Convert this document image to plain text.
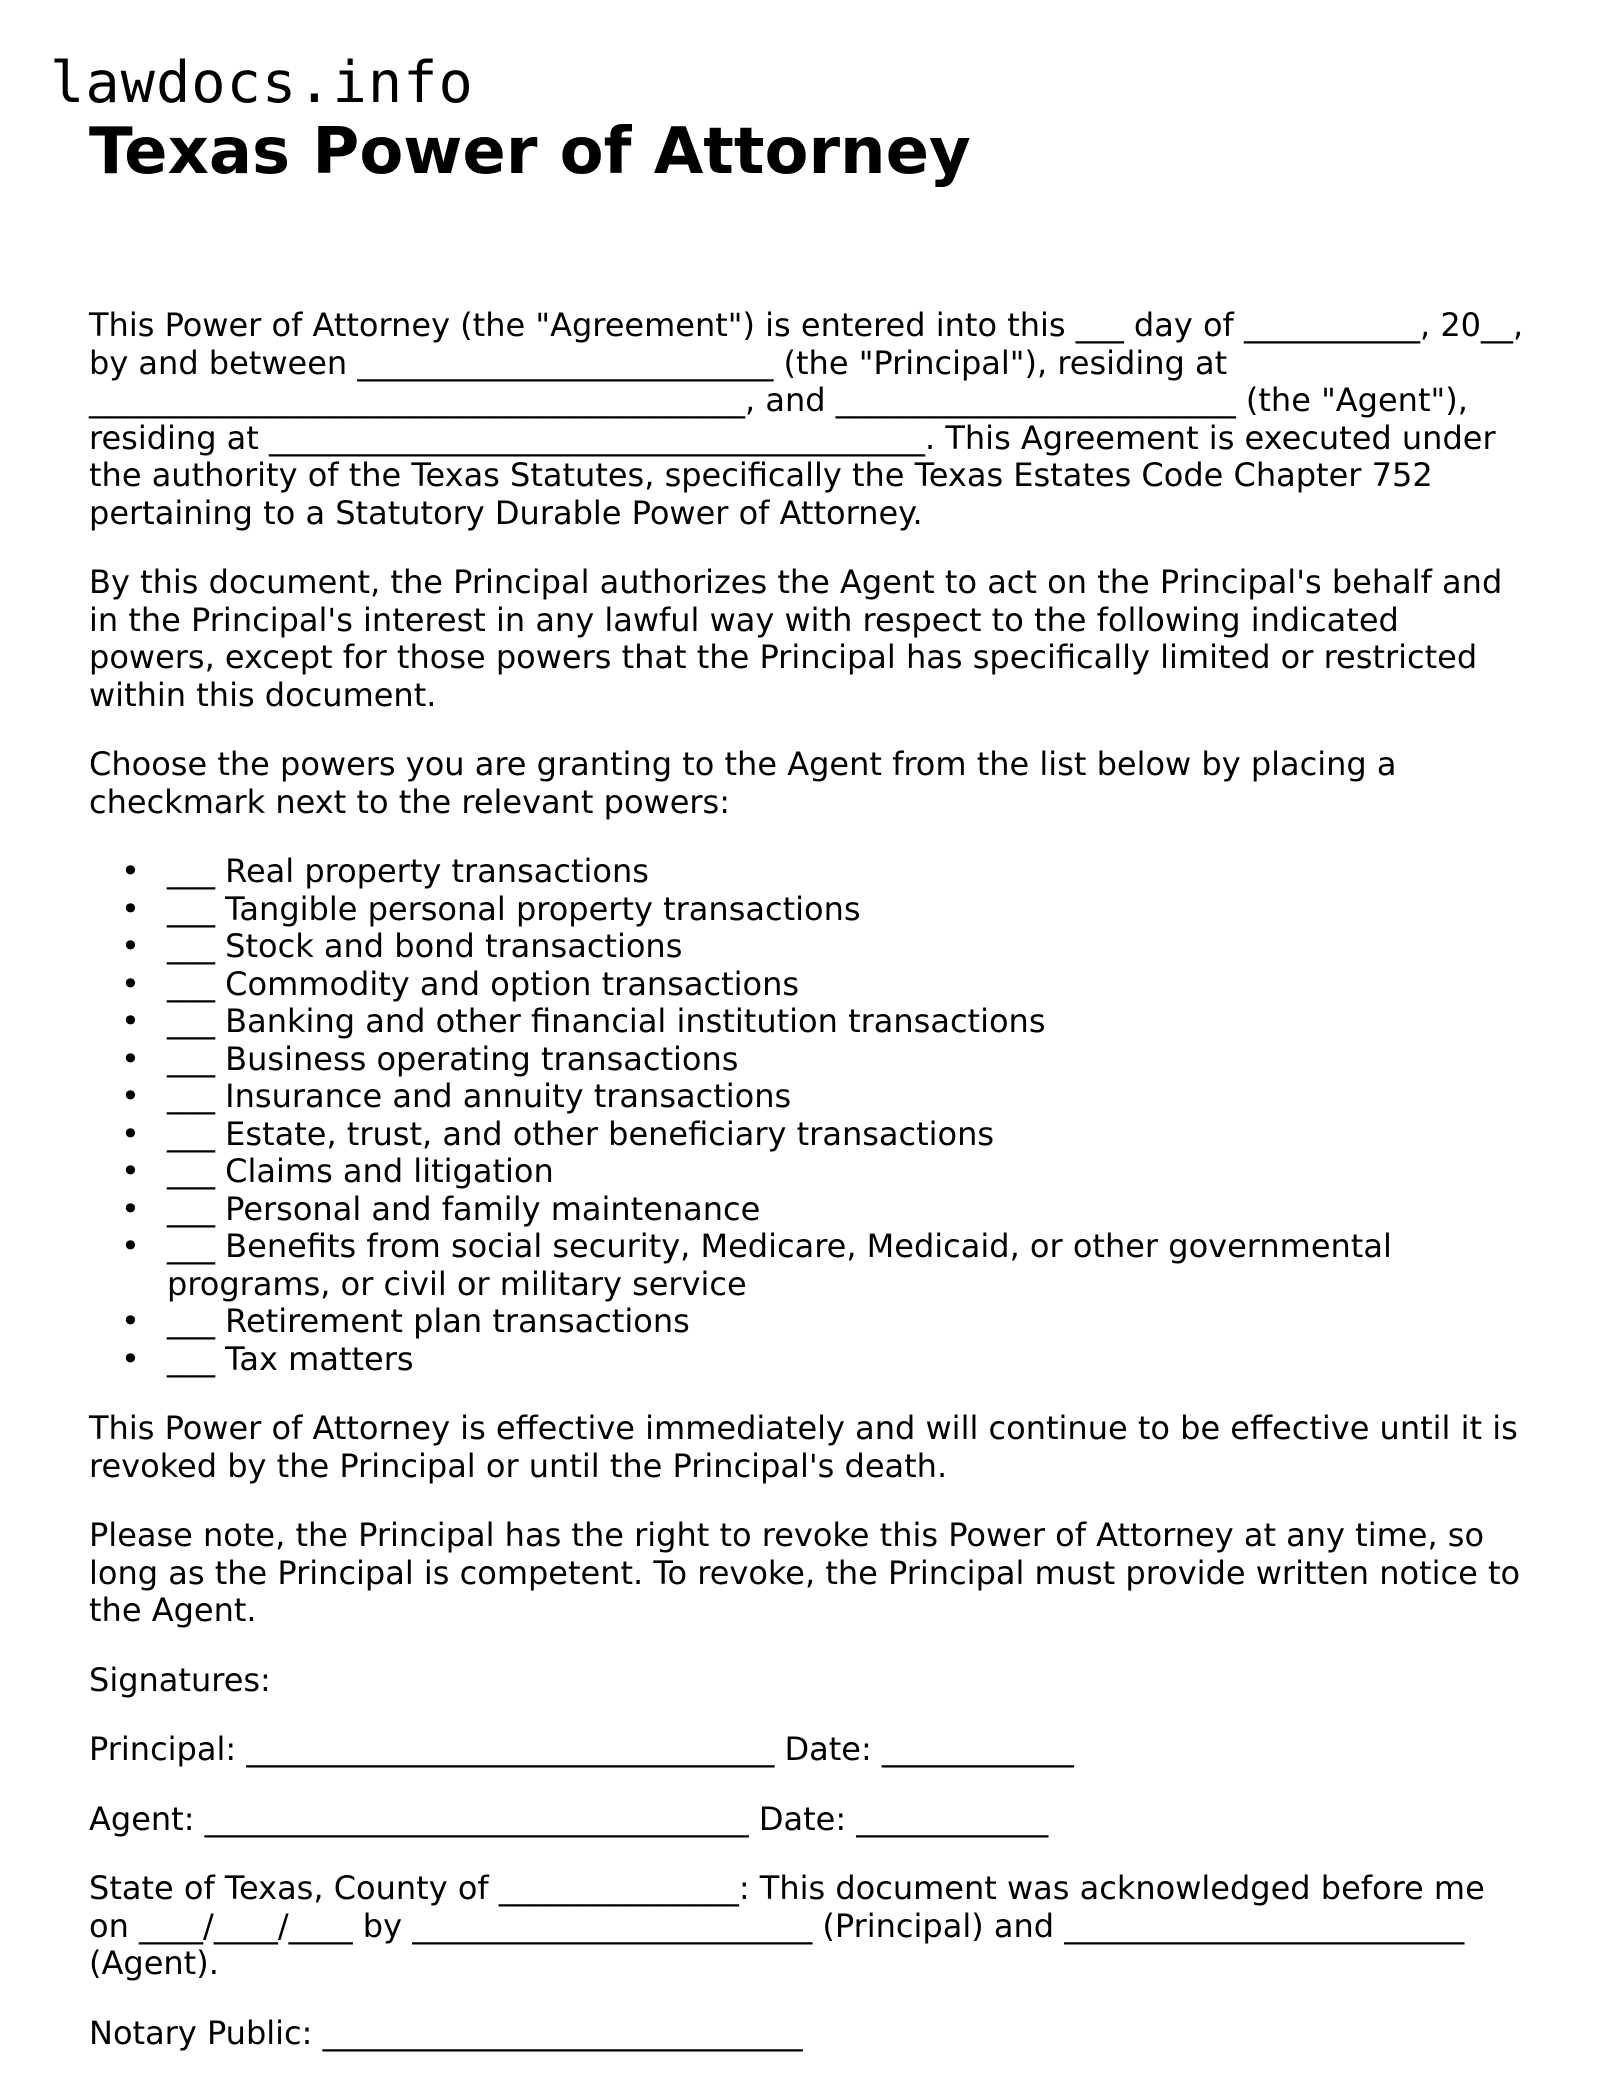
lawdocs.info
Texas Power of Attorney

This Power of Attorney (the "Agreement") is entered into this ___ day of ___________, 20__, by and between __________________________ (the "Principal"), residing at _________________________________________, and _________________________ (the "Agent"), residing at _________________________________________. This Agreement is executed under the authority of the Texas Statutes, specifically the Texas Estates Code Chapter 752 pertaining to a Statutory Durable Power of Attorney.

By this document, the Principal authorizes the Agent to act on the Principal's behalf and in the Principal's interest in any lawful way with respect to the following indicated powers, except for those powers that the Principal has specifically limited or restricted within this document.

Choose the powers you are granting to the Agent from the list below by placing a checkmark next to the relevant powers:

• ___ Real property transactions
• ___ Tangible personal property transactions
• ___ Stock and bond transactions
• ___ Commodity and option transactions
• ___ Banking and other financial institution transactions
• ___ Business operating transactions
• ___ Insurance and annuity transactions
• ___ Estate, trust, and other beneficiary transactions
• ___ Claims and litigation
• ___ Personal and family maintenance
• ___ Benefits from social security, Medicare, Medicaid, or other governmental programs, or civil or military service
• ___ Retirement plan transactions
• ___ Tax matters

This Power of Attorney is effective immediately and will continue to be effective until it is revoked by the Principal or until the Principal's death.

Please note, the Principal has the right to revoke this Power of Attorney at any time, so long as the Principal is competent. To revoke, the Principal must provide written notice to the Agent.

Signatures:

Principal: _________________________________ Date: ____________

Agent: __________________________________ Date: ____________

State of Texas, County of _______________: This document was acknowledged before me on ____/____/____ by _________________________ (Principal) and _________________________ (Agent).

Notary Public: ______________________________
